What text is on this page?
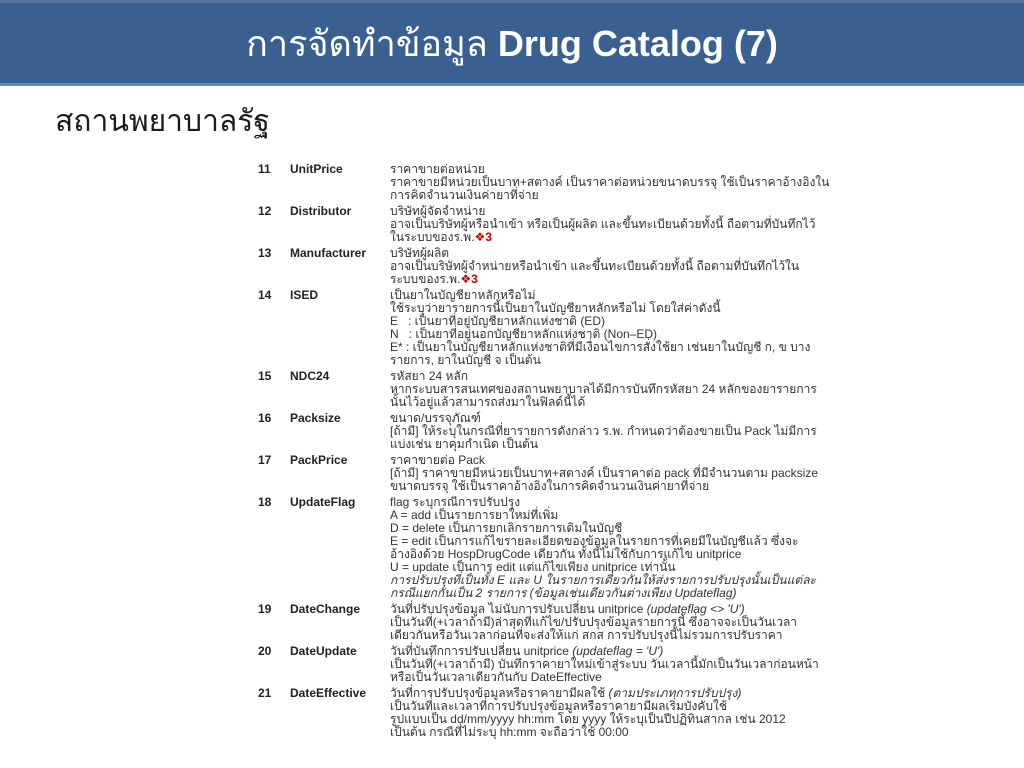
การจัดทำข้อมูล Drug Catalog (7)
สถานพยาบาลรัฐ
11	UnitPrice	ราคาขายต่อหน่วย
ราคาขายมีหน่วยเป็นบาท+สตางค์ เป็นราคาต่อหน่วยขนาดบรรจุ ใช้เป็นราคาอ้างอิงใน
การคิดจำนวนเงินค่ายาที่จ่าย
12	Distributor	บริษัทผู้จัดจำหน่าย
อาจเป็นบริษัทผู้หรือนำเข้า หรือเป็นผู้ผลิต และขึ้นทะเบียนด้วยทั้งนี้ ถือตามที่บันทึกไว้
ในระบบของร.พ.❖3
13	Manufacturer	บริษัทผู้ผลิต
อาจเป็นบริษัทผู้จำหน่ายหรือนำเข้า และขึ้นทะเบียนด้วยทั้งนี้ ถือตามที่บันทึกไว้ใน
ระบบของร.พ.❖3
14	ISED	เป็นยาในบัญชียาหลักหรือไม่
ใช้ระบุว่ายารายการนี้เป็นยาในบัญชียาหลักหรือไม่ โดยใส่ค่าดังนี้
E   : เป็นยาที่อยู่บัญชียาหลักแห่งชาติ (ED)
N   : เป็นยาที่อยู่นอกบัญชียาหลักแห่งชาติ (Non–ED)
E* : เป็นยาในบัญชียาหลักแห่งชาติที่มีเงื่อนไขการสั่งใช้ยา เช่นยาในบัญชี ก, ข บาง
รายการ, ยาในบัญชี จ เป็นต้น
15	NDC24	รหัสยา 24 หลัก
หากระบบสารสนเทศของสถานพยาบาลได้มีการบันทึกรหัสยา 24 หลักของยารายการ
นั้นไว้อยู่แล้วสามารถส่งมาในฟิลด์นี้ได้
16	Packsize	ขนาด/บรรจุภัณฑ์
[ถ้ามี] ให้ระบุในกรณีที่ยารายการดังกล่าว ร.พ. กำหนดว่าต้องขายเป็น Pack ไม่มีการ
แบ่งเช่น ยาคุมกำเนิด เป็นต้น
17	PackPrice	ราคาขายต่อ Pack
[ถ้ามี] ราคาขายมีหน่วยเป็นบาท+สตางค์ เป็นราคาต่อ pack ที่มีจำนวนตาม packsize
ขนาดบรรจุ ใช้เป็นราคาอ้างอิงในการคิดจำนวนเงินค่ายาที่จ่าย
18	UpdateFlag	flag ระบุกรณีการปรับปรุง
A = add เป็นรายการยาใหม่ที่เพิ่ม
D = delete เป็นการยกเลิกรายการเดิมในบัญชี
E = edit เป็นการแก้ไขรายละเอียดของข้อมูลในรายการที่เคยมีในบัญชีแล้ว ซึ่งจะ
อ้างอิงด้วย HospDrugCode เดียวกัน ทั้งนี้ไม่ใช้กับการแก้ไข unitprice
U = update เป็นการ edit แต่แก้ไขเพียง unitprice เท่านั้น
การปรับปรุงที่เป็นทั้ง E และ U ในรายการเดียวกันให้ส่งรายการปรับปรุงนั้นเป็นแต่ละ
กรณีแยกกันเป็น 2 รายการ (ข้อมูลเช่นเดียวกันต่างเพียง Updateflag)
19	DateChange	วันที่ปรับปรุงข้อมูล ไม่นับการปรับเปลี่ยน unitprice (updateflag <> 'U')
เป็นวันที่(+เวลาถ้ามี)ล่าสุดที่แก้ไข/ปรับปรุงข้อมูลรายการนี้ ซึ่งอาจจะเป็นวันเวลา
เดียวกันหรือวันเวลาก่อนที่จะส่งให้แก่ สกส การปรับปรุงนี้ไม่รวมการปรับราคา
20	DateUpdate	วันที่บันทึกการปรับเปลี่ยน unitprice (updateflag = 'U')
เป็นวันที่(+เวลาถ้ามี) บันทึกราคายาใหม่เข้าสู่ระบบ วันเวลานี้มักเป็นวันเวลาก่อนหน้า
หรือเป็นวันเวลาเดียวกันกับ DateEffective
21	DateEffective	วันที่การปรับปรุงข้อมูลหรือราคายามีผลใช้ (ตามประเภทการปรับปรุง)
เป็นวันที่และเวลาที่การปรับปรุงข้อมูลหรือราคายามีผลเริ่มบังคับใช้
รูปแบบเป็น dd/mm/yyyy hh:mm โดย yyyy ให้ระบุเป็นปีปฏิทินสากล เช่น 2012
เป็นต้น กรณีที่ไม่ระบุ hh:mm จะถือว่าใช้ 00:00
